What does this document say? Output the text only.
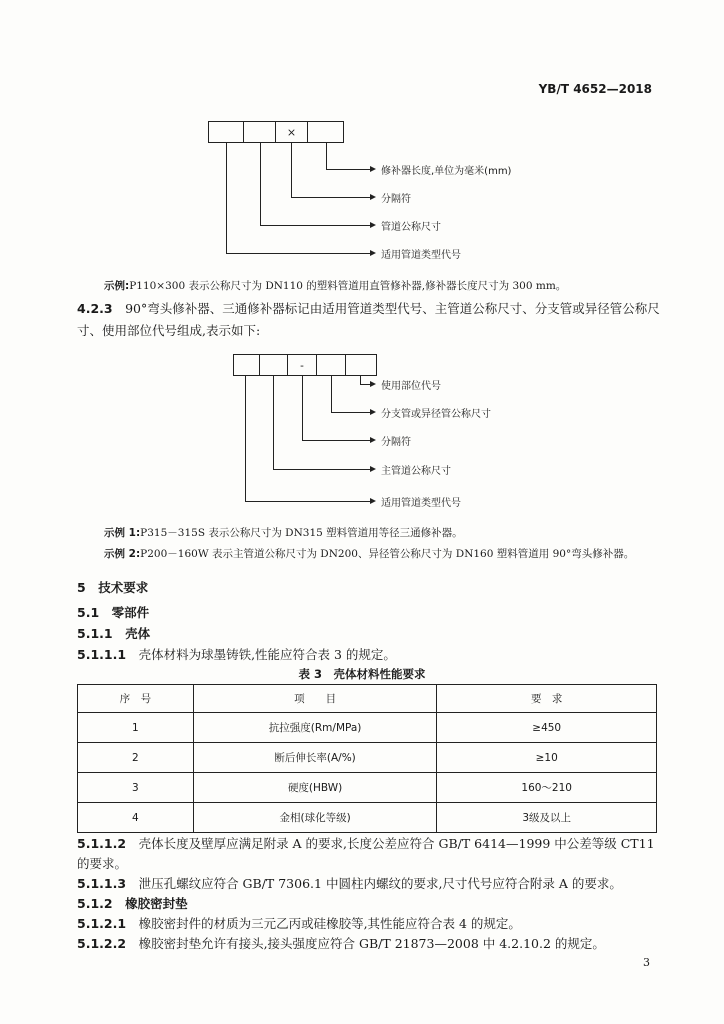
YB/T 4652—2018
×
修补器长度,单位为毫米(mm)
分隔符
管道公称尺寸
适用管道类型代号
示例:P110×300 表示公称尺寸为 DN110 的塑料管道用直管修补器,修补器长度尺寸为 300 mm。
4.2.3　 90°弯头修补器、三通修补器标记由适用管道类型代号、主管道公称尺寸、分支管或异径管公称尺
寸、使用部位代号组成,表示如下:
-
使用部位代号
分支管或异径管公称尺寸
分隔符
主管道公称尺寸
适用管道类型代号
示例 1:P315－315S 表示公称尺寸为 DN315 塑料管道用等径三通修补器。
示例 2:P200－160W 表示主管道公称尺寸为 DN200、异径管公称尺寸为 DN160 塑料管道用 90°弯头修补器。
5　 技术要求
5.1　 零部件
5.1.1　 壳体
5.1.1.1　 壳体材料为球墨铸铁,性能应符合表 3 的规定。
表 3　壳体材料性能要求
序　号	项　　目	要　求
1	抗拉强度(Rm/MPa)	≥450
2	断后伸长率(A/%)	≥10
3	硬度(HBW)	160～210
4	金相(球化等级)	3级及以上
5.1.1.2　 壳体长度及壁厚应满足附录 A 的要求,长度公差应符合 GB/T 6414—1999 中公差等级 CT11
的要求。
5.1.1.3　 泄压孔螺纹应符合 GB/T 7306.1 中圆柱内螺纹的要求,尺寸代号应符合附录 A 的要求。
5.1.2　 橡胶密封垫
5.1.2.1　 橡胶密封件的材质为三元乙丙或硅橡胶等,其性能应符合表 4 的规定。
5.1.2.2　 橡胶密封垫允许有接头,接头强度应符合 GB/T 21873—2008 中 4.2.10.2 的规定。
3
